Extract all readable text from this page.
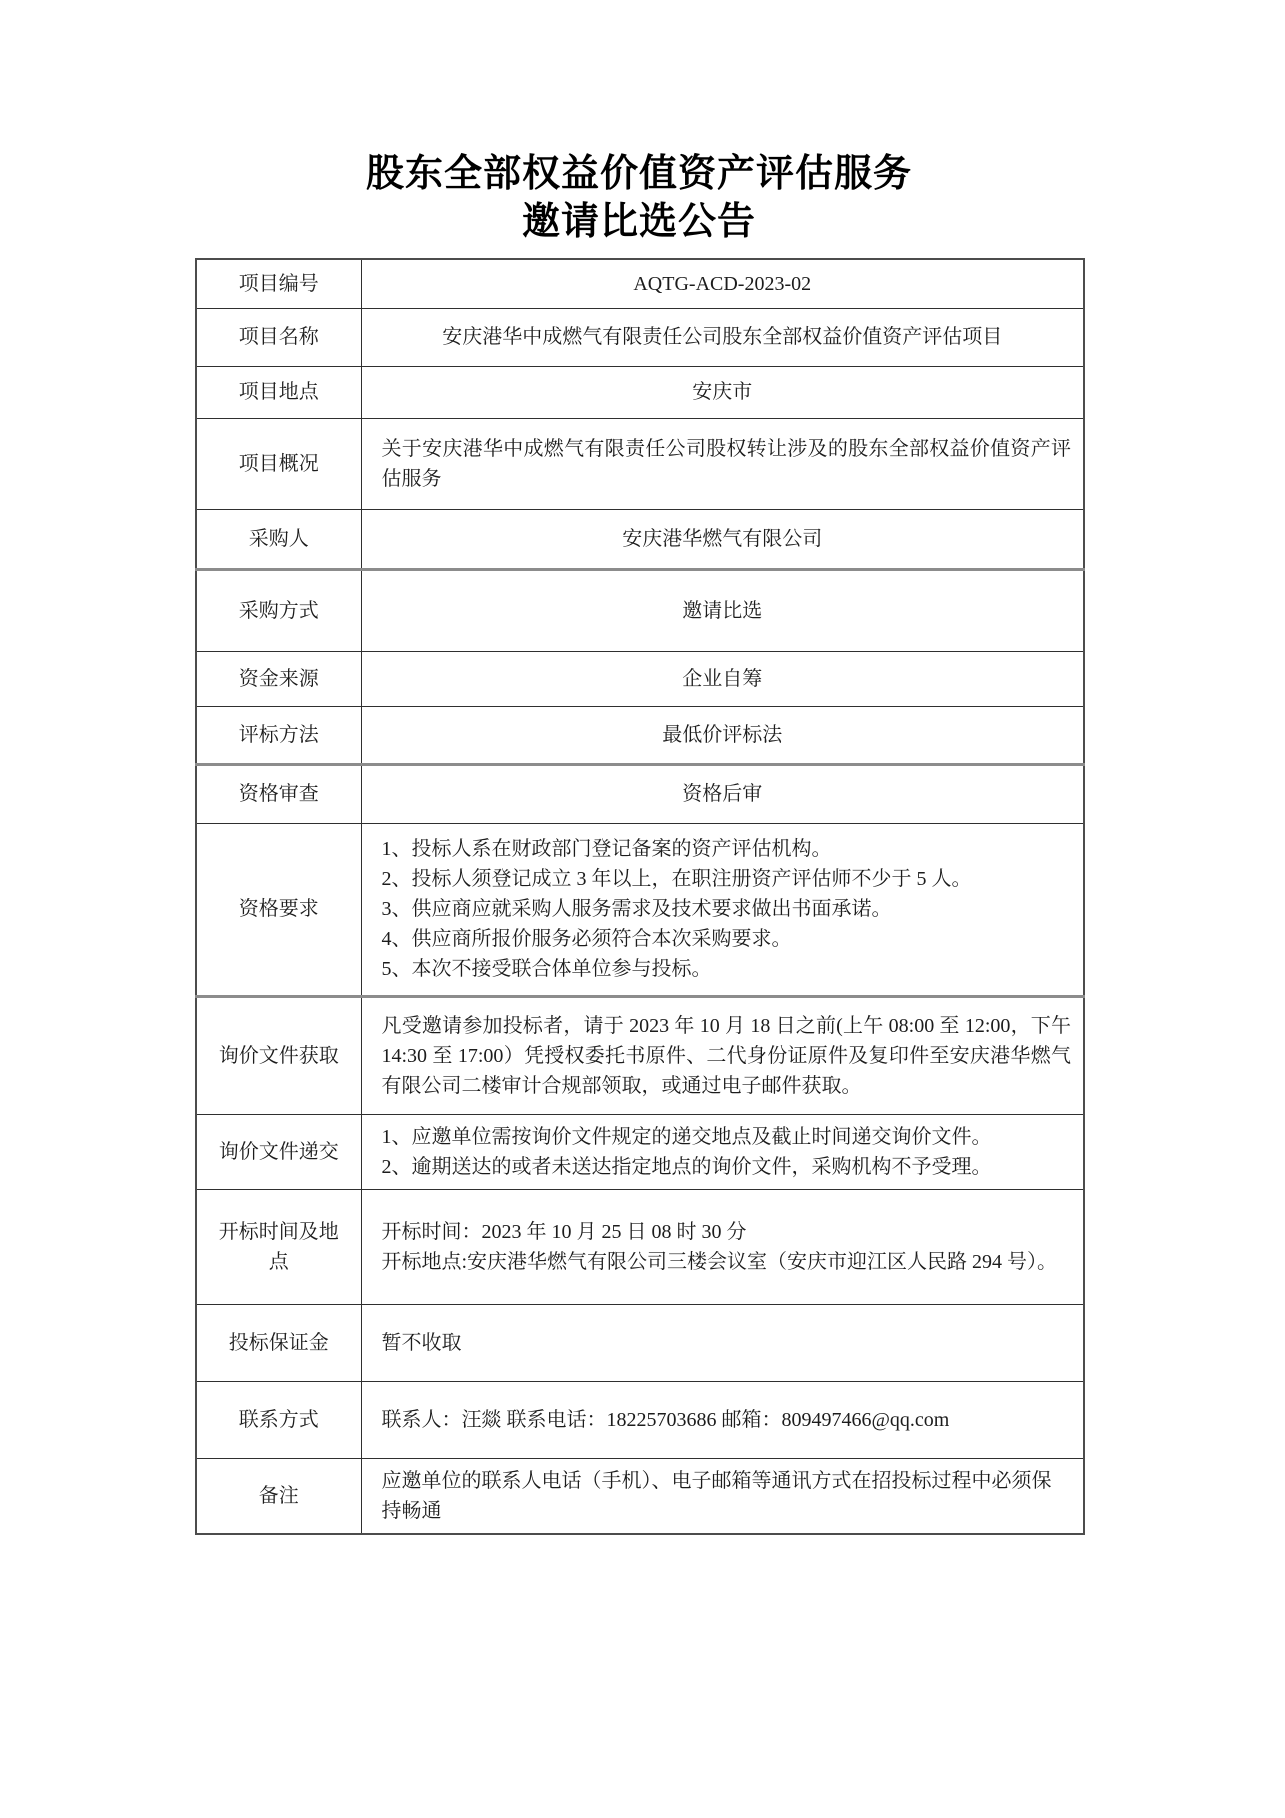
股东全部权益价值资产评估服务
邀请比选公告
项目编号	AQTG-ACD-2023-02
项目名称	安庆港华中成燃气有限责任公司股东全部权益价值资产评估项目
项目地点	安庆市
项目概况	关于安庆港华中成燃气有限责任公司股权转让涉及的股东全部权益价值资产评估服务
采购人	安庆港华燃气有限公司
采购方式	邀请比选
资金来源	企业自筹
评标方法	最低价评标法
资格审查	资格后审
资格要求	1、投标人系在财政部门登记备案的资产评估机构。
2、投标人须登记成立 3 年以上，在职注册资产评估师不少于 5 人。
3、供应商应就采购人服务需求及技术要求做出书面承诺。
4、供应商所报价服务必须符合本次采购要求。
5、本次不接受联合体单位参与投标。

询价文件获取	凡受邀请参加投标者，请于 2023 年 10 月 18 日之前(上午 08:00 至 12:00，下午 14:30 至 17:00）凭授权委托书原件、二代身份证原件及复印件至安庆港华燃气有限公司二楼审计合规部领取，或通过电子邮件获取。
询价文件递交	1、应邀单位需按询价文件规定的递交地点及截止时间递交询价文件。
2、逾期送达的或者未送达指定地点的询价文件，采购机构不予受理。

开标时间及地点	开标时间：2023 年 10 月 25 日 08 时 30 分
开标地点:安庆港华燃气有限公司三楼会议室（安庆市迎江区人民路 294 号）。

投标保证金	暂不收取
联系方式	联系人：汪燚 联系电话：18225703686 邮箱：809497466@qq.com
备注	应邀单位的联系人电话（手机）、电子邮箱等通讯方式在招投标过程中必须保持畅通
